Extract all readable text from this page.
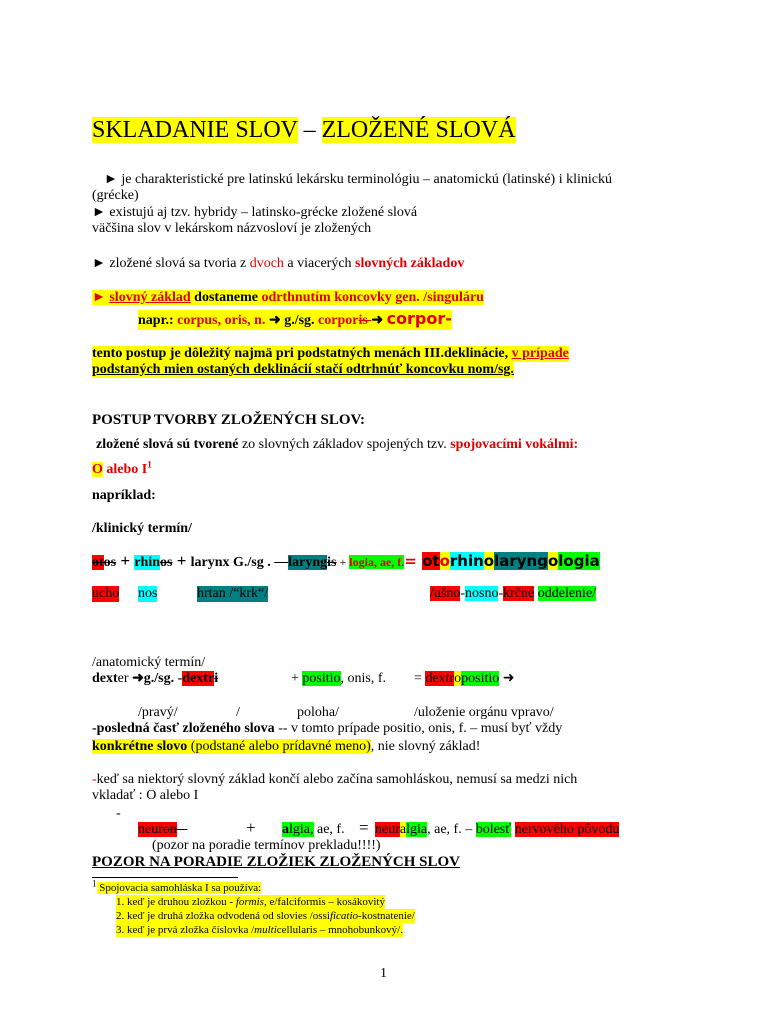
SKLADANIE SLOV – ZLOŽENÉ SLOVÁ
► je charakteristické pre latinskú lekársku terminológiu – anatomickú (latinské) i klinickú
(grécke)
► existujú aj tzv. hybridy – latinsko-grécke zložené slová
väčšina slov v lekárskom názvosloví je zložených
► zložené slová sa tvoria z dvoch a viacerých slovných základov
► slovný základ dostaneme odrthnutím koncovky gen. /singuláru
napr.: corpus, oris, n. ➜ g./sg. corporis ➜ corpor-
tento postup je dôležitý najmä pri podstatných menách III.deklinácie, v prípade
podstaných mien ostaných deklinácií stačí odtrhnúť koncovku nom/sg.
POSTUP TVORBY ZLOŽENÝCH SLOV:
zložené slová sú tvorené zo slovných základov spojených tzv. spojovacími vokálmi:
O alebo $I^1$
napríklad:
/klinický termín/
otos + rhinos + larynx G./sg .     laryngis + logia, ae, f.= otorhinolaryngologia
ucho nos	hrtan /“krk“/	/ušno-nosno-krčné oddelenie/
/anatomický termín/
dexter ➜g./sg. -dextri	+ positio, onis, f. = dextropositio ➜
/pravý/	/	poloha/	/uloženie orgánu vpravo/
-posledná časť zloženého slova -- v tomto prípade positio, onis, f. – musí byť vždy
konkrétne slovo (podstané alebo prídavné meno), nie slovný základ!
-keď sa niektorý slovný základ končí alebo začína samohláskou, nemusí sa medzi nich
vkladať : O alebo I
-
neuron	+ algia, ae, f. = neuralgia, ae, f. – bolesť nervového pôvodu
(pozor na poradie termínov prekladu!!!!)
POZOR NA PORADIE ZLOŽIEK ZLOŽENÝCH SLOV
$^1$ Spojovacia samohláska I sa používa:
1. keď je druhou zložkou - formis, e/falciformis – kosákovitý
2. keď je druhá zložka odvodená od slovies /ossificatio-kostnatenie/
3. keď je prvá zložka číslovka /multicellularis – mnohobunkový/.
1
